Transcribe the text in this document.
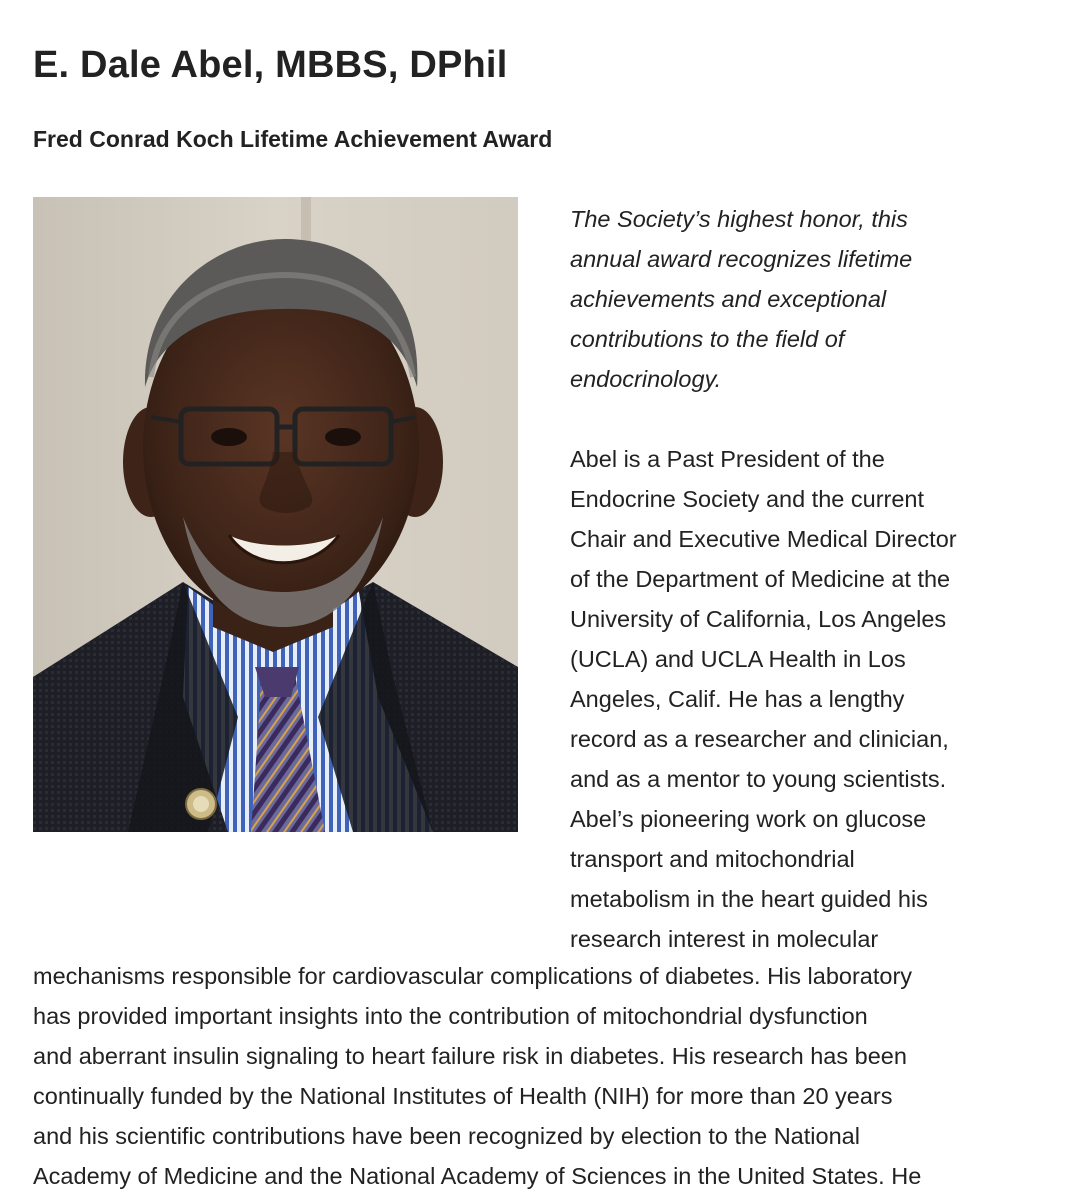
E. Dale Abel, MBBS, DPhil
Fred Conrad Koch Lifetime Achievement Award
The Society’s highest honor, this
annual award recognizes lifetime
achievements and exceptional
contributions to the field of
endocrinology.
Abel is a Past President of the
Endocrine Society and the current
Chair and Executive Medical Director
of the Department of Medicine at the
University of California, Los Angeles
(UCLA) and UCLA Health in Los
Angeles, Calif. He has a lengthy
record as a researcher and clinician,
and as a mentor to young scientists.
Abel’s pioneering work on glucose
transport and mitochondrial
metabolism in the heart guided his
research interest in molecular
mechanisms responsible for cardiovascular complications of diabetes. His laboratory
has provided important insights into the contribution of mitochondrial dysfunction
and aberrant insulin signaling to heart failure risk in diabetes. His research has been
continually funded by the National Institutes of Health (NIH) for more than 20 years
and his scientific contributions have been recognized by election to the National
Academy of Medicine and the National Academy of Sciences in the United States. He
